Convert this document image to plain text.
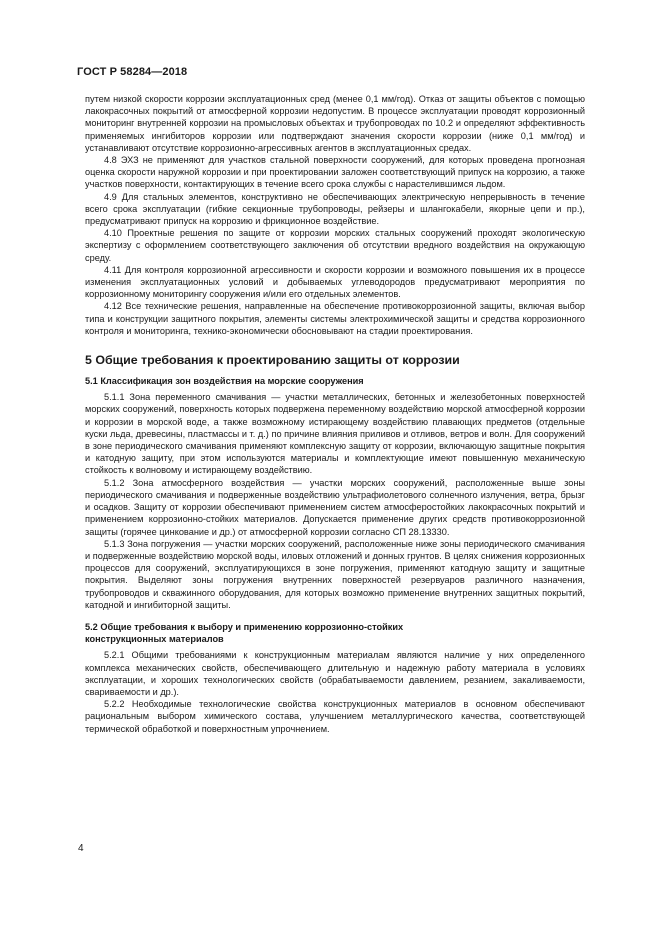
ГОСТ Р 58284—2018

путем низкой скорости коррозии эксплуатационных сред (менее 0,1 мм/год). Отказ от защиты объектов с помощью лакокрасочных покрытий от атмосферной коррозии недопустим. В процессе эксплуатации проводят коррозионный мониторинг внутренней коррозии на промысловых объектах и трубопроводах по 10.2 и определяют эффективность применяемых ингибиторов коррозии или подтверждают значения скорости коррозии (ниже 0,1 мм/год) и устанавливают отсутствие коррозионно-агрессивных агентов в эксплуатационных средах.

4.8 ЭХЗ не применяют для участков стальной поверхности сооружений, для которых проведена прогнозная оценка скорости наружной коррозии и при проектировании заложен соответствующий припуск на коррозию, а также участков поверхности, контактирующих в течение всего срока службы с нарастелившимся льдом.

4.9 Для стальных элементов, конструктивно не обеспечивающих электрическую непрерывность в течение всего срока эксплуатации (гибкие секционные трубопроводы, рейзеры и шлангокабели, якорные цепи и пр.), предусматривают припуск на коррозию и фрикционное воздействие.

4.10 Проектные решения по защите от коррозии морских стальных сооружений проходят экологическую экспертизу с оформлением соответствующего заключения об отсутствии вредного воздействия на окружающую среду.

4.11 Для контроля коррозионной агрессивности и скорости коррозии и возможного повышения их в процессе изменения эксплуатационных условий и добываемых углеводородов предусматривают мероприятия по коррозионному мониторингу сооружения и/или его отдельных элементов.

4.12 Все технические решения, направленные на обеспечение противокоррозионной защиты, включая выбор типа и конструкции защитного покрытия, элементы системы электрохимической защиты и средства коррозионного контроля и мониторинга, технико-экономически обосновывают на стадии проектирования.

5 Общие требования к проектированию защиты от коррозии
5.1 Классификация зон воздействия на морские сооружения

5.1.1 Зона переменного смачивания — участки металлических, бетонных и железобетонных поверхностей морских сооружений, поверхность которых подвержена переменному воздействию морской атмосферной коррозии и коррозии в морской воде, а также возможному истирающему воздействию плавающих предметов (отдельные куски льда, древесины, пластмассы и т. д.) по причине влияния приливов и отливов, ветров и волн. Для сооружений в зоне периодического смачивания применяют комплексную защиту от коррозии, включающую защитные покрытия и катодную защиту, при этом используются материалы и комплектующие имеют повышенную механическую стойкость к волновому и истирающему воздействию.

5.1.2 Зона атмосферного воздействия — участки морских сооружений, расположенные выше зоны периодического смачивания и подверженные воздействию ультрафиолетового солнечного излучения, ветра, брызг и осадков. Защиту от коррозии обеспечивают применением систем атмосферостойких лакокрасочных покрытий и применением коррозионно-стойких материалов. Допускается применение других средств противокоррозионной защиты (горячее цинкование и др.) от атмосферной коррозии согласно СП 28.13330.

5.1.3 Зона погружения — участки морских сооружений, расположенные ниже зоны периодического смачивания и подверженные воздействию морской воды, иловых отложений и донных грунтов. В целях снижения коррозионных процессов для сооружений, эксплуатирующихся в зоне погружения, применяют катодную защиту и защитные покрытия. Выделяют зоны погружения внутренних поверхностей резервуаров различного назначения, трубопроводов и скважинного оборудования, для которых возможно применение внутренних защитных покрытий, катодной и ингибиторной защиты.

5.2 Общие требования к выбору и применению коррозионно-стойких
конструкционных материалов

5.2.1 Общими требованиями к конструкционным материалам являются наличие у них определенного комплекса механических свойств, обеспечивающего длительную и надежную работу материала в условиях эксплуатации, и хороших технологических свойств (обрабатываемости давлением, резанием, закаливаемости, свариваемости и др.).

5.2.2 Необходимые технологические свойства конструкционных материалов в основном обеспечивают рациональным выбором химического состава, улучшением металлургического качества, соответствующей термической обработкой и поверхностным упрочнением.

4
